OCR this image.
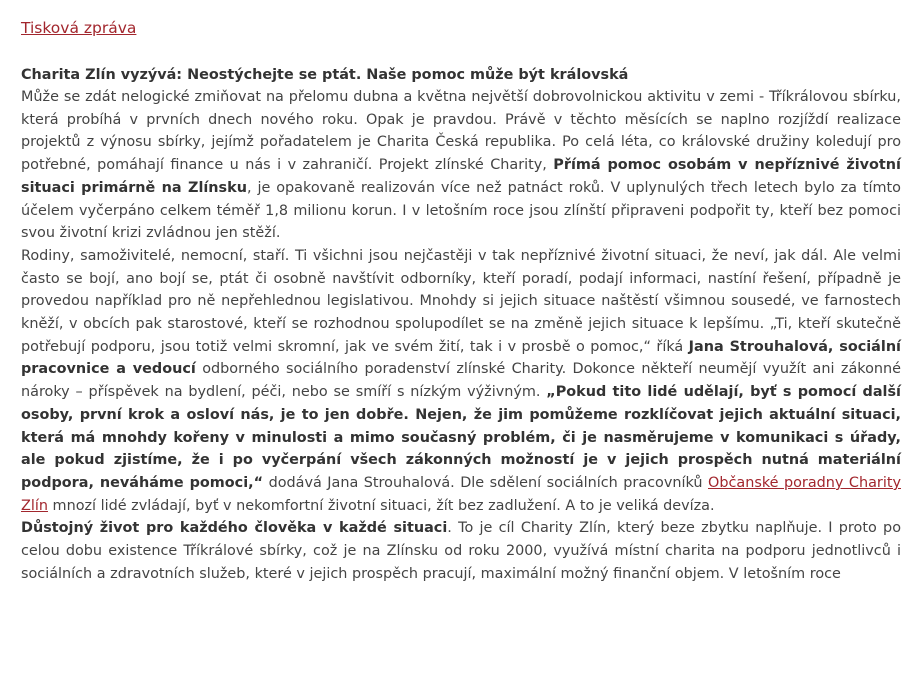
Tisková zpráva
Charita Zlín vyzývá: Neostýchejte se ptát. Naše pomoc může být královská

Může se zdát nelogické zmiňovat na přelomu dubna a května největší dobrovolnickou aktivitu v zemi - Tříkrálovou sbírku, která probíhá v prvních dnech nového roku. Opak je pravdou. Právě v těchto měsících se naplno rozjíždí realizace projektů z výnosu sbírky, jejímž pořadatelem je Charita Česká republika. Po celá léta, co královské družiny koledují pro potřebné, pomáhají finance u nás i v zahraničí. Projekt zlínské Charity, Přímá pomoc osobám v nepříznivé životní situaci primárně na Zlínsku, je opakovaně realizován více než patnáct roků. V uplynulých třech letech bylo za tímto účelem vyčerpáno celkem téměř 1,8 milionu korun. I v letošním roce jsou zlínští připraveni podpořit ty, kteří bez pomoci svou životní krizi zvládnou jen stěží.

Rodiny, samoživitelé, nemocní, staří. Ti všichni jsou nejčastěji v tak nepříznivé životní situaci, že neví, jak dál. Ale velmi často se bojí, ano bojí se, ptát či osobně navštívit odborníky, kteří poradí, podají informaci, nastíní řešení, případně je provedou například pro ně nepřehlednou legislativou. Mnohdy si jejich situace naštěstí všimnou sousedé, ve farnostech kněží, v obcích pak starostové, kteří se rozhodnou spolupodílet se na změně jejich situace k lepšímu. „Ti, kteří skutečně potřebují podporu, jsou totiž velmi skromní, jak ve svém žití, tak i v prosbě o pomoc,“ říká Jana Strouhalová, sociální pracovnice a vedoucí odborného sociálního poradenství zlínské Charity. Dokonce někteří neumějí využít ani zákonné nároky – příspěvek na bydlení, péči, nebo se smíří s nízkým výživným. „Pokud tito lidé udělají, byť s pomocí další osoby, první krok a osloví nás, je to jen dobře. Nejen, že jim pomůžeme rozklíčovat jejich aktuální situaci, která má mnohdy kořeny v minulosti a mimo současný problém, či je nasměrujeme v komunikaci s úřady, ale pokud zjistíme, že i po vyčerpání všech zákonných možností je v jejich prospěch nutná materiální podpora, neváháme pomoci,“ dodává Jana Strouhalová. Dle sdělení sociálních pracovníků Občanské poradny Charity Zlín mnozí lidé zvládají, byť v nekomfortní životní situaci, žít bez zadlužení. A to je veliká devíza.

Důstojný život pro každého člověka v každé situaci. To je cíl Charity Zlín, který beze zbytku naplňuje. I proto po celou dobu existence Tříkrálové sbírky, což je na Zlínsku od roku 2000, využívá místní charita na podporu jednotlivců i sociálních a zdravotních služeb, které v jejich prospěch pracují, maximální možný finanční objem. V letošním roce
